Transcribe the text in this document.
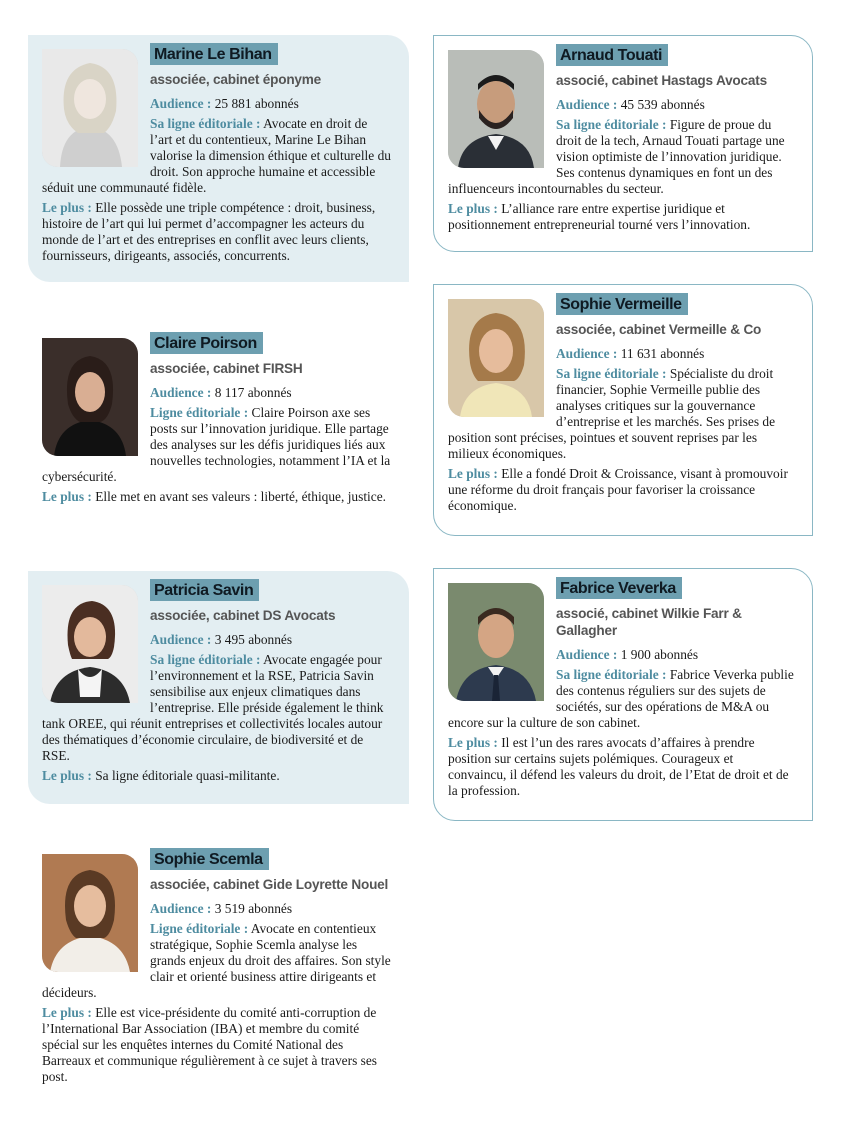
Marine Le Bihan
associée, cabinet éponyme
Audience : 25 881 abonnés
Sa ligne éditoriale : Avocate en droit de l’art et du contentieux, Marine Le Bihan valorise la dimension éthique et culturelle du droit. Son approche humaine et accessible séduit une communauté fidèle.
Le plus : Elle possède une triple compétence : droit, business, histoire de l’art qui lui permet d’accompagner les acteurs du monde de l’art et des entreprises en conflit avec leurs clients, fournisseurs, dirigeants, associés, concurrents.
Arnaud Touati
associé, cabinet Hastags Avocats
Audience : 45 539 abonnés
Sa ligne éditoriale : Figure de proue du droit de la tech, Arnaud Touati partage une vision optimiste de l’innovation juridique. Ses contenus dynamiques en font un des influenceurs incontournables du secteur.
Le plus : L’alliance rare entre expertise juridique et positionnement entrepreneurial tourné vers l’innovation.
Sophie Vermeille
associée, cabinet Vermeille & Co
Audience : 11 631 abonnés
Sa ligne éditoriale : Spécialiste du droit financier, Sophie Vermeille publie des analyses critiques sur la gouvernance d’entreprise et les marchés. Ses prises de position sont précises, pointues et souvent reprises par les milieux économiques.
Le plus : Elle a fondé Droit & Croissance, visant à promouvoir une réforme du droit français pour favoriser la croissance économique.
Claire Poirson
associée, cabinet FIRSH
Audience : 8 117 abonnés
Ligne éditoriale : Claire Poirson axe ses posts sur l’innovation juridique. Elle partage des analyses sur les défis juridiques liés aux nouvelles technologies, notamment l’IA et la cybersécurité.
Le plus : Elle met en avant ses valeurs : liberté, éthique, justice.
Patricia Savin
associée, cabinet DS Avocats
Audience : 3 495 abonnés
Sa ligne éditoriale : Avocate engagée pour l’environnement et la RSE, Patricia Savin sensibilise aux enjeux climatiques dans l’entreprise. Elle préside également le think tank OREE, qui réunit entreprises et collectivités locales autour des thématiques d’économie circulaire, de biodiversité et de RSE.
Le plus : Sa ligne éditoriale quasi-militante.
Fabrice Veverka
associé, cabinet Wilkie Farr & Gallagher
Audience : 1 900 abonnés
Sa ligne éditoriale : Fabrice Veverka publie des contenus réguliers sur des sujets de sociétés, sur des opérations de M&A ou encore sur la culture de son cabinet.
Le plus : Il est l’un des rares avocats d’affaires à prendre position sur certains sujets polémiques. Courageux et convaincu, il défend les valeurs du droit, de l’Etat de droit et de la profession.
Sophie Scemla
associée, cabinet Gide Loyrette Nouel
Audience : 3 519 abonnés
Ligne éditoriale : Avocate en contentieux stratégique, Sophie Scemla analyse les grands enjeux du droit des affaires. Son style clair et orienté business attire dirigeants et décideurs.
Le plus : Elle est vice-présidente du comité anti-corruption de l’International Bar Association (IBA) et membre du comité spécial sur les enquêtes internes du Comité National des Barreaux et communique régulièrement à ce sujet à travers ses post.
